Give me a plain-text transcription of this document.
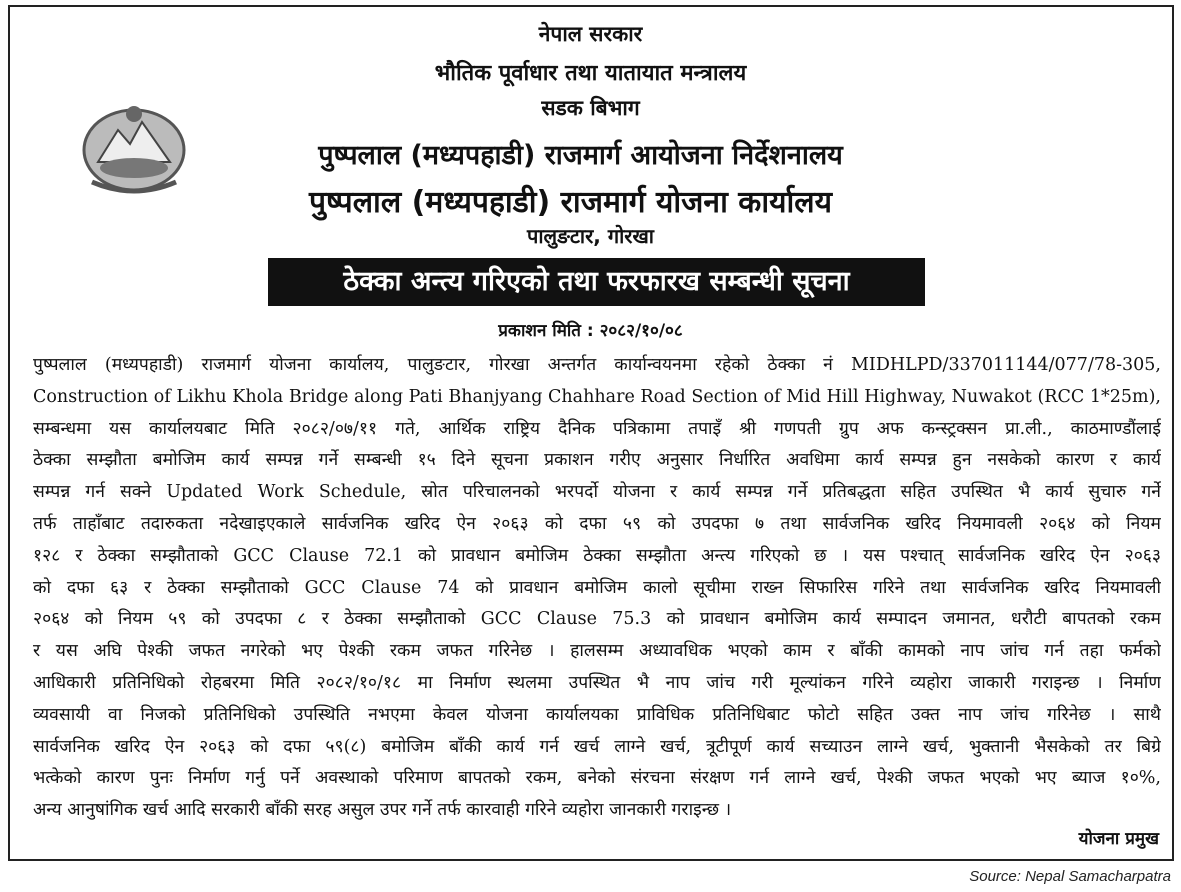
नेपाल सरकार
भौतिक पूर्वाधार तथा यातायात मन्त्रालय
सडक बिभाग
पुष्पलाल (मध्यपहाडी) राजमार्ग आयोजना निर्देशनालय
पुष्पलाल (मध्यपहाडी) राजमार्ग योजना कार्यालय
पालुङटार, गोरखा
ठेक्का अन्त्य गरिएको तथा फरफारख सम्बन्धी सूचना
प्रकाशन मिति : २०८२/१०/०८
पुष्पलाल (मध्यपहाडी) राजमार्ग योजना कार्यालय, पालुङटार, गोरखा अन्तर्गत कार्यान्वयनमा रहेको ठेक्का नं MIDHLPD/337011144/077/78-305,
Construction of Likhu Khola Bridge along Pati Bhanjyang Chahhare Road Section of Mid Hill Highway, Nuwakot (RCC 1*25m),
सम्बन्धमा यस कार्यालयबाट मिति २०८२/०७/११ गते, आर्थिक राष्ट्रिय दैनिक पत्रिकामा तपाइँ श्री गणपती ग्रुप अफ कन्स्ट्रक्सन प्रा.ली., काठमाण्डौंलाई
ठेक्का सम्झौता बमोजिम कार्य सम्पन्न गर्ने सम्बन्धी १५ दिने सूचना प्रकाशन गरीए अनुसार निर्धारित अवधिमा कार्य सम्पन्न हुन नसकेको कारण र कार्य
सम्पन्न गर्न सक्ने Updated Work Schedule, स्रोत परिचालनको भरपर्दो योजना र कार्य सम्पन्न गर्ने प्रतिबद्धता सहित उपस्थित भै कार्य सुचारु गर्ने
तर्फ ताहाँबाट तदारुकता नदेखाइएकाले सार्वजनिक खरिद ऐन २०६३ को दफा ५९ को उपदफा ७ तथा सार्वजनिक खरिद नियमावली २०६४ को नियम
१२८ र ठेक्का सम्झौताको GCC Clause 72.1 को प्रावधान बमोजिम ठेक्का सम्झौता अन्त्य गरिएको छ । यस पश्चात् सार्वजनिक खरिद ऐन २०६३
को दफा ६३ र ठेक्का सम्झौताको GCC Clause 74 को प्रावधान बमोजिम कालो सूचीमा राख्न सिफारिस गरिने तथा सार्वजनिक खरिद नियमावली
२०६४ को नियम ५९ को उपदफा ८ र ठेक्का सम्झौताको GCC Clause 75.3 को प्रावधान बमोजिम कार्य सम्पादन जमानत, धरौटी बापतको रकम
र यस अघि पेश्की जफत नगरेको भए पेश्की रकम जफत गरिनेछ । हालसम्म अध्यावधिक भएको काम र बाँकी कामको नाप जांच गर्न तहा फर्मको
आधिकारी प्रतिनिधिको रोहबरमा मिति २०८२/१०/१८ मा निर्माण स्थलमा उपस्थित भै नाप जांच गरी मूल्यांकन गरिने व्यहोरा जाकारी गराइन्छ । निर्माण
व्यवसायी वा निजको प्रतिनिधिको उपस्थिति नभएमा केवल योजना कार्यालयका प्राविधिक प्रतिनिधिबाट फोटो सहित उक्त नाप जांच गरिनेछ । साथै
सार्वजनिक खरिद ऐन २०६३ को दफा ५९(८) बमोजिम बाँकी कार्य गर्न खर्च लाग्ने खर्च, त्रूटीपूर्ण कार्य सच्याउन लाग्ने खर्च, भुक्तानी भैसकेको तर बिग्रे
भत्केको कारण पुनः निर्माण गर्नु पर्ने अवस्थाको परिमाण बापतको रकम, बनेको संरचना संरक्षण गर्न लाग्ने खर्च, पेश्की जफत भएको भए ब्याज १०%,
अन्य आनुषांगिक खर्च आदि सरकारी बाँकी सरह असुल उपर गर्ने तर्फ कारवाही गरिने व्यहोरा जानकारी गराइन्छ ।
योजना प्रमुख
Source: Nepal Samacharpatra
